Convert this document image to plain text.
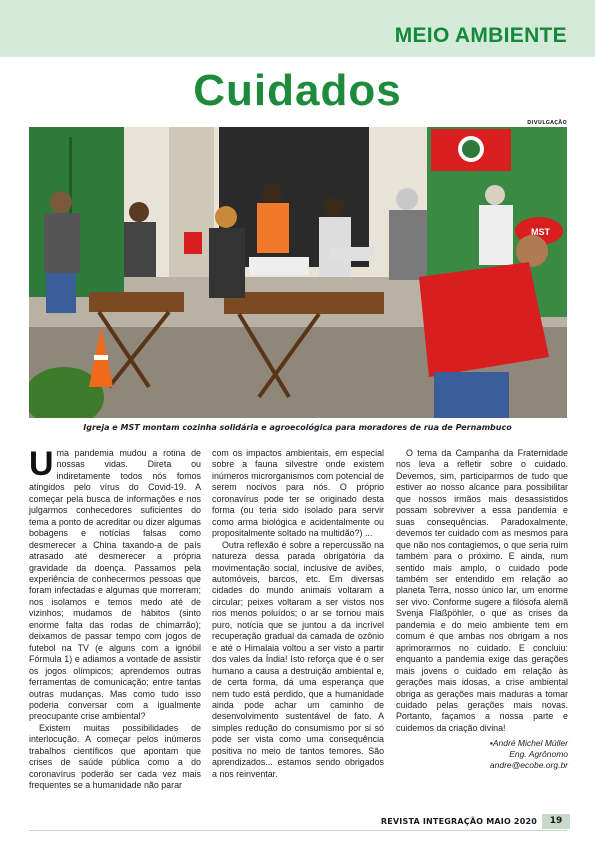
MEIO AMBIENTE
Cuidados
DIVULGAÇÃO
MST
Igreja e MST montam cozinha solidária e agroecológica para moradores de rua de Pernambuco
U ma pandemia mudou a rotina de nossas vidas. Direta ou indiretamente todos nós fomos atingidos pelo vírus do Covid-19. A começar pela busca de informações e nos julgarmos conhecedores suficientes do tema a ponto de acreditar ou dizer algumas bobagens e notícias falsas como desmerecer a China taxando-a de país atrasado até desmerecer a própria gravidade da doença. Passamos pela experiência de conhecermos pessoas que foram infectadas e algumas que morreram; nos isolamos e temos medo até de vizinhos; mudamos de hábitos (sinto enorme falta das rodas de chimarrão); deixamos de passar tempo com jogos de futebol na TV (e alguns com a ignóbil Fórmula 1) e adiamos a vontade de assistir os jogos olímpicos; aprendemos outras ferramentas de comunicação; entre tantas outras mudanças. Mas como tudo isso poderia conversar com a igualmente preocupante crise ambiental?

Existem muitas possibilidades de interlocução. A começar pelos inúmeros trabalhos científicos que apontam que crises de saúde pública como a do coronavírus poderão ser cada vez mais frequentes se a humanidade não parar

com os impactos ambientais, em especial sobre a fauna silvestre onde existem inúmeros microrganismos com potencial de serem nocivos para nós. O próprio coronavírus pode ter se originado desta forma (ou teria sido isolado para servir como arma biológica e acidentalmente ou propositalmente soltado na multidão?) ...

Outra reflexão é sobre a repercussão na natureza dessa parada obrigatória da movimentação social, inclusive de aviões, automóveis, barcos, etc. Em diversas cidades do mundo animais voltaram a circular; peixes voltaram a ser vistos nos rios menos poluídos; o ar se tornou mais puro, notícia que se juntou a da incrível recuperação gradual da camada de ozônio e até o Himalaia voltou a ser visto a partir dos vales da Índia! Isto reforça que é o ser humano a causa a destruição ambiental e, de certa forma, dá uma esperança que nem tudo está perdido, que a humanidade ainda pode achar um caminho de desenvolvimento sustentável de fato. A simples redução do consumismo por si só pode ser vista como uma consequência positiva no meio de tantos temores. São aprendizados... estamos sendo obrigados a nos reinventar.

O tema da Campanha da Fraternidade nos leva a refletir sobre o cuidado. Devemos, sim, participarmos de tudo que estiver ao nosso alcance para possibilitar que nossos irmãos mais desassistidos possam sobreviver a essa pandemia e suas consequências. Paradoxalmente, devemos ter cuidado com as mesmos para que não nos contagiemos, o que seria ruim também para o próximo. E ainda, num sentido mais amplo, o cuidado pode também ser entendido em relação ao planeta Terra, nosso único lar, um enorme ser vivo. Conforme sugere a filósofa alemã Svenja Flaßpöhler, o que as crises da pandemia e do meio ambiente tem em comum é que ambas nos obrigam a nos aprimorarmos no cuidado. E concluiu: enquanto a pandemia exige das gerações mais jovens o cuidado em relação às gerações mais idosas, a crise ambiental obriga as gerações mais maduras a tomar cuidado pelas gerações mais novas. Portanto, façamos a nossa parte e cuidemos da criação divina!

▪André Michel Müller
Eng. Agrônomo
andre@ecobe.org.br
REVISTA INTEGRAÇÃO MAIO 2020	19
